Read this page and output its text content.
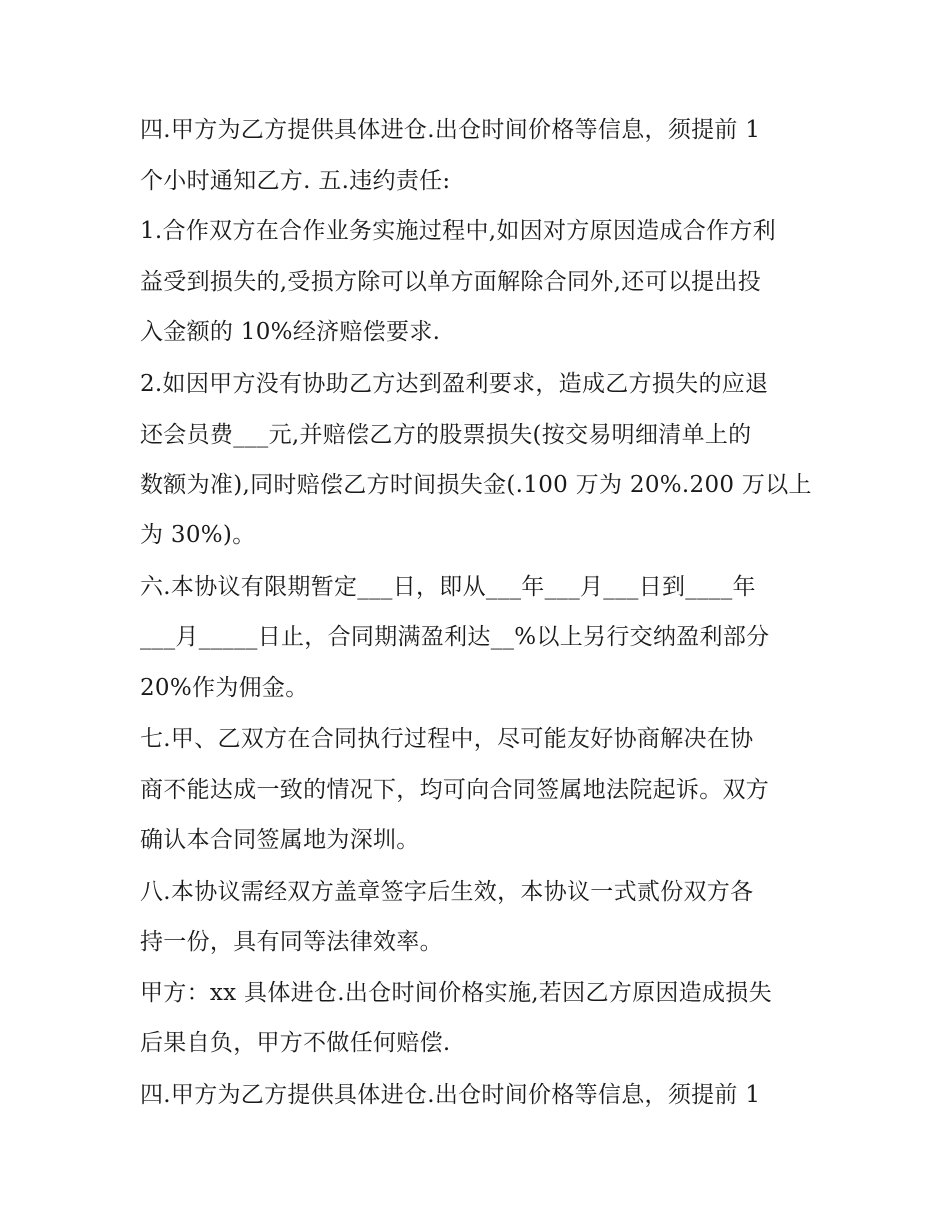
四.甲方为乙方提供具体进仓.出仓时间价格等信息，须提前 1
个小时通知乙方. 五.违约责任:
1.合作双方在合作业务实施过程中,如因对方原因造成合作方利
益受到损失的,受损方除可以单方面解除合同外,还可以提出投
入金额的 10%经济赔偿要求.
2.如因甲方没有协助乙方达到盈利要求，造成乙方损失的应退
还会员费___元,并赔偿乙方的股票损失(按交易明细清单上的
数额为准),同时赔偿乙方时间损失金(.100 万为 20%.200 万以上
为 30%)。
六.本协议有限期暂定___日，即从___年___月___日到____年
___月_____日止，合同期满盈利达__%以上另行交纳盈利部分
20%作为佣金。
七.甲、乙双方在合同执行过程中，尽可能友好协商解决在协
商不能达成一致的情况下，均可向合同签属地法院起诉。双方
确认本合同签属地为深圳。
八.本协议需经双方盖章签字后生效，本协议一式贰份双方各
持一份，具有同等法律效率。
甲方：xx 具体进仓.出仓时间价格实施,若因乙方原因造成损失
后果自负，甲方不做任何赔偿.
四.甲方为乙方提供具体进仓.出仓时间价格等信息，须提前 1
